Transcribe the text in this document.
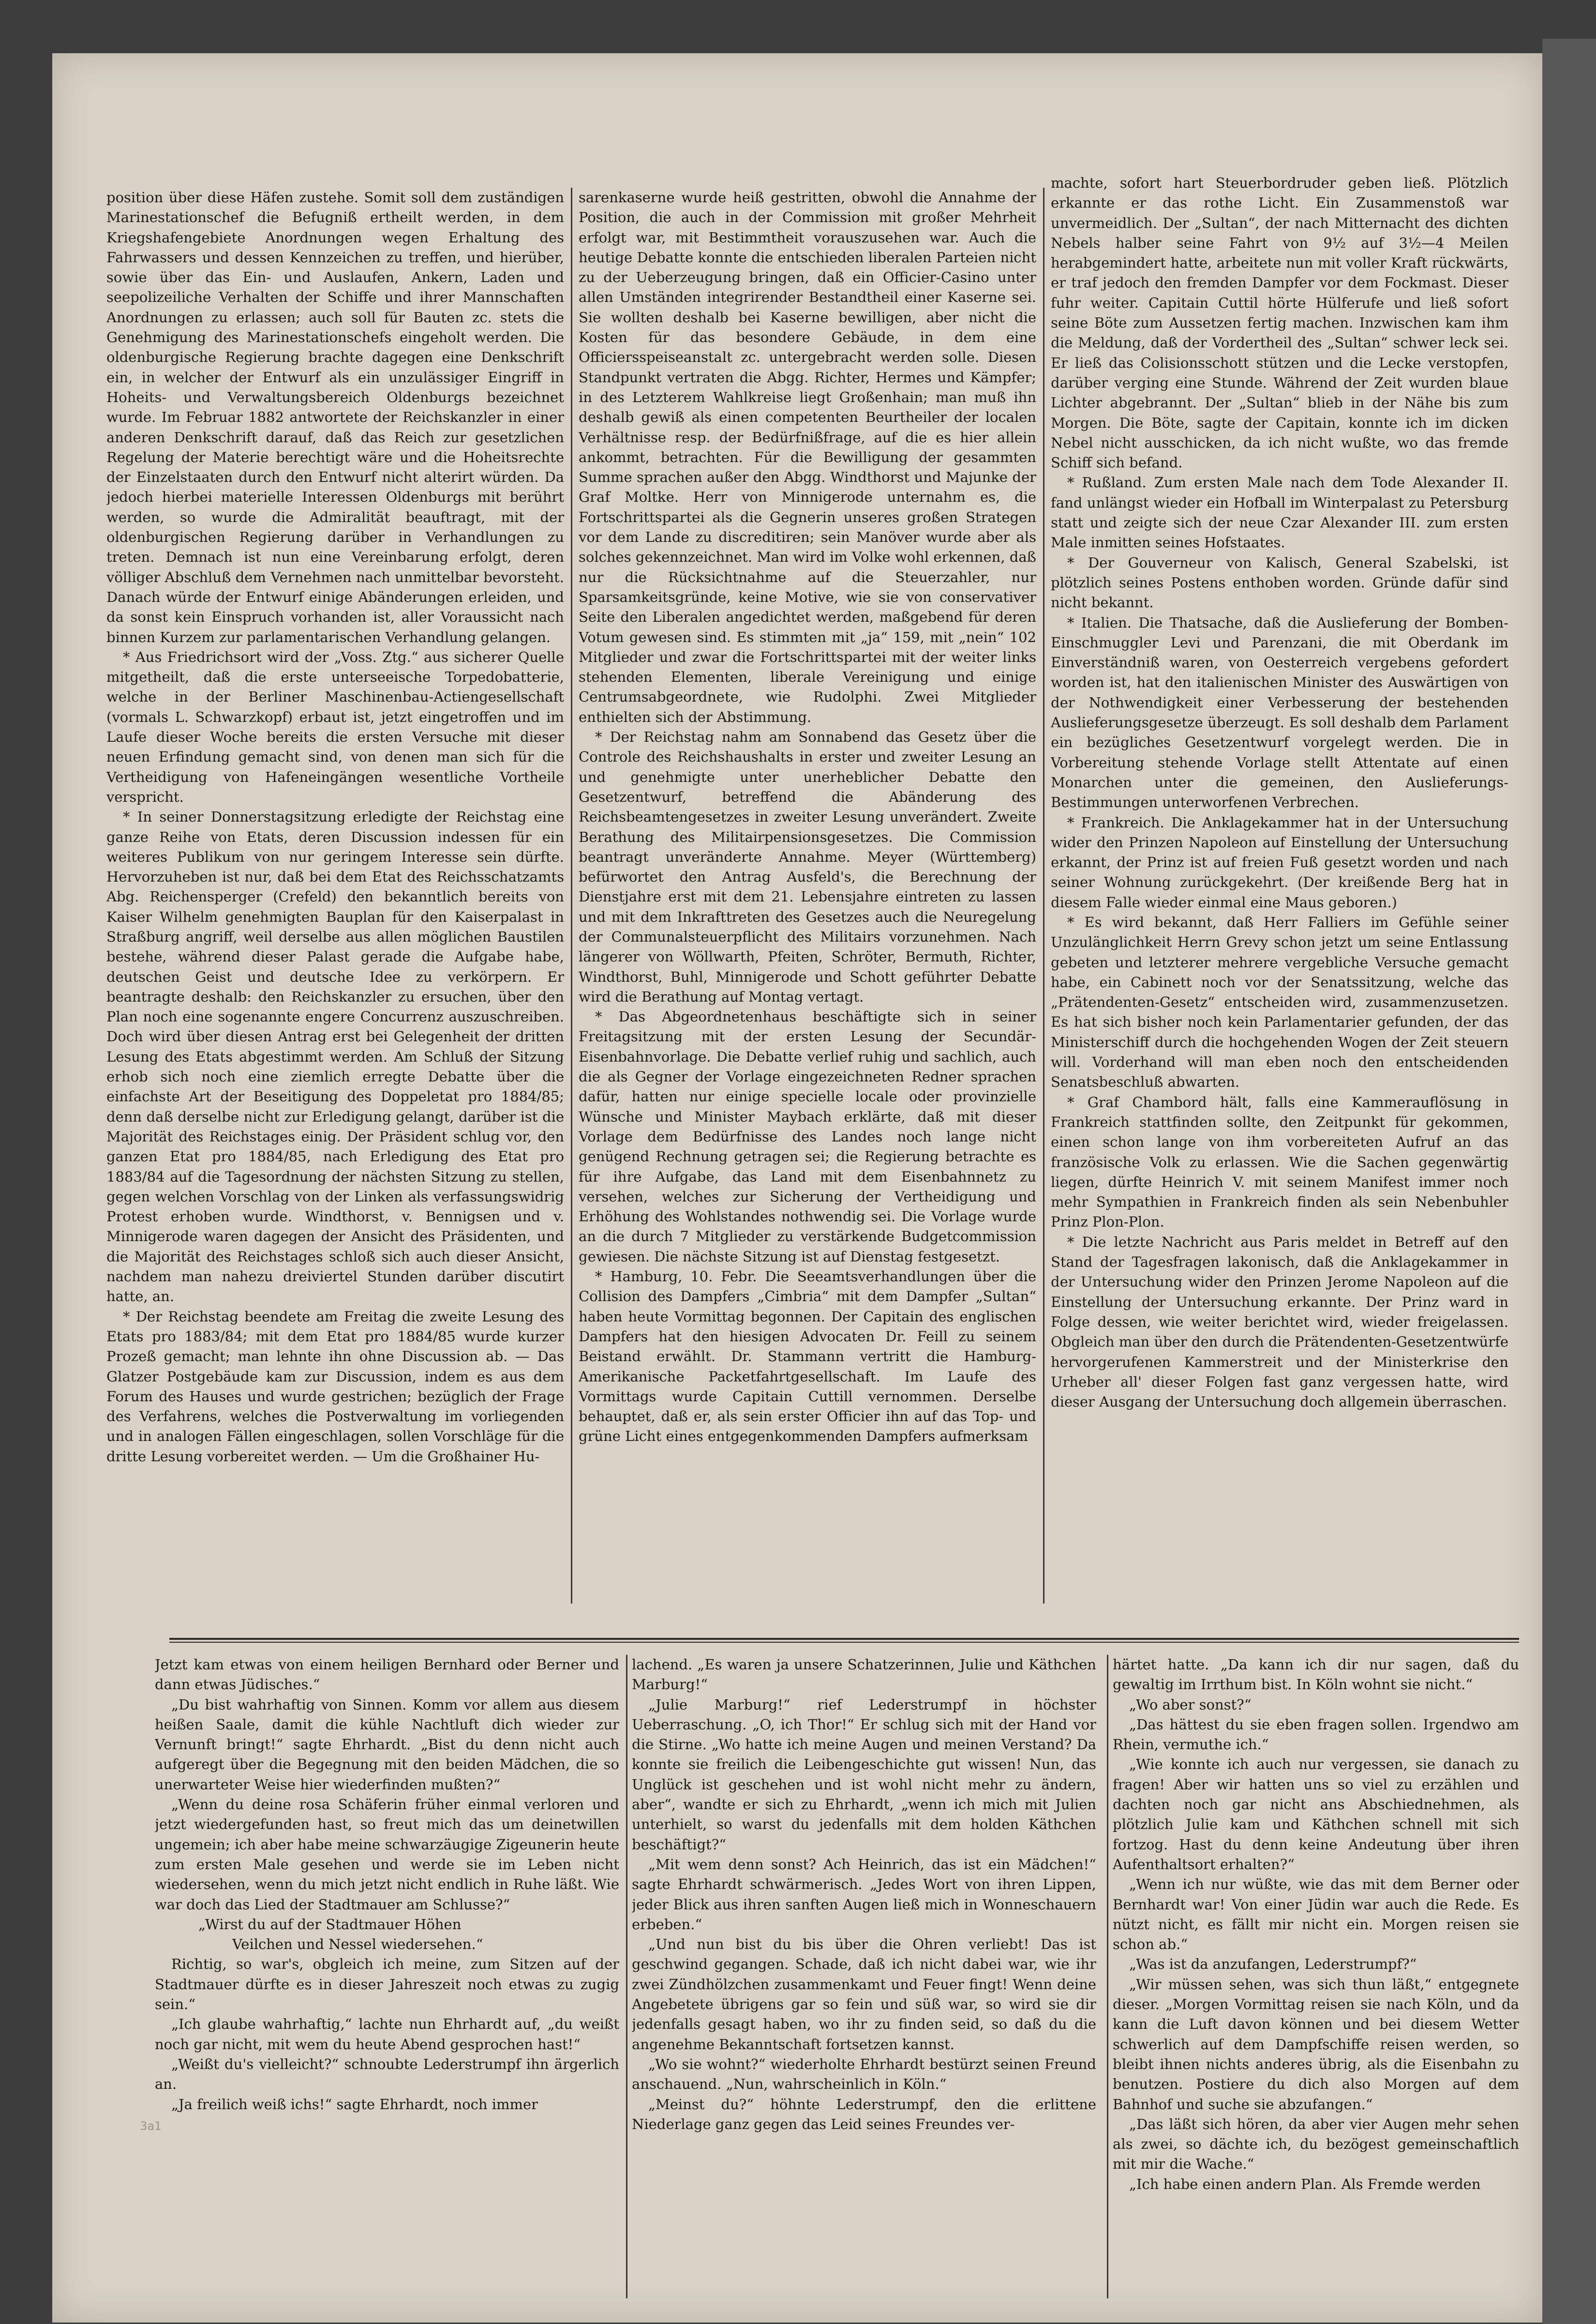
position über diese Häfen zustehe. Somit soll dem zuständigen Marinestationschef die Befugniß ertheilt werden, in dem Kriegshafengebiete Anordnungen wegen Erhaltung des Fahrwassers und dessen Kennzeichen zu treffen, und hierüber, sowie über das Ein- und Auslaufen, Ankern, Laden und seepolizeiliche Verhalten der Schiffe und ihrer Mannschaften Anordnungen zu erlassen; auch soll für Bauten zc. stets die Genehmigung des Marinestationschefs eingeholt werden. Die oldenburgische Regierung brachte dagegen eine Denkschrift ein, in welcher der Entwurf als ein unzulässiger Eingriff in Hoheits- und Verwaltungsbereich Oldenburgs bezeichnet wurde. Im Februar 1882 antwortete der Reichskanzler in einer anderen Denkschrift darauf, daß das Reich zur gesetzlichen Regelung der Materie berechtigt wäre und die Hoheitsrechte der Einzelstaaten durch den Entwurf nicht alterirt würden. Da jedoch hierbei materielle Interessen Oldenburgs mit berührt werden, so wurde die Admiralität beauftragt, mit der oldenburgischen Regierung darüber in Verhandlungen zu treten. Demnach ist nun eine Vereinbarung erfolgt, deren völliger Abschluß dem Vernehmen nach unmittelbar bevorsteht. Danach würde der Entwurf einige Abänderungen erleiden, und da sonst kein Einspruch vorhanden ist, aller Voraussicht nach binnen Kurzem zur parlamentarischen Verhandlung gelangen.

* Aus Friedrichsort wird der „Voss. Ztg.“ aus sicherer Quelle mitgetheilt, daß die erste unterseeische Torpedobatterie, welche in der Berliner Maschinenbau-Actiengesellschaft (vormals L. Schwarzkopf) erbaut ist, jetzt eingetroffen und im Laufe dieser Woche bereits die ersten Versuche mit dieser neuen Erfindung gemacht sind, von denen man sich für die Vertheidigung von Hafeneingängen wesentliche Vortheile verspricht.

* In seiner Donnerstagsitzung erledigte der Reichstag eine ganze Reihe von Etats, deren Discussion indessen für ein weiteres Publikum von nur geringem Interesse sein dürfte. Hervorzuheben ist nur, daß bei dem Etat des Reichsschatzamts Abg. Reichensperger (Crefeld) den bekanntlich bereits von Kaiser Wilhelm genehmigten Bauplan für den Kaiserpalast in Straßburg angriff, weil derselbe aus allen möglichen Baustilen bestehe, während dieser Palast gerade die Aufgabe habe, deutschen Geist und deutsche Idee zu verkörpern. Er beantragte deshalb: den Reichskanzler zu ersuchen, über den Plan noch eine sogenannte engere Concurrenz auszuschreiben. Doch wird über diesen Antrag erst bei Gelegenheit der dritten Lesung des Etats abgestimmt werden. Am Schluß der Sitzung erhob sich noch eine ziemlich erregte Debatte über die einfachste Art der Beseitigung des Doppeletat pro 1884/85; denn daß derselbe nicht zur Erledigung gelangt, darüber ist die Majorität des Reichstages einig. Der Präsident schlug vor, den ganzen Etat pro 1884/85, nach Erledigung des Etat pro 1883/84 auf die Tagesordnung der nächsten Sitzung zu stellen, gegen welchen Vorschlag von der Linken als verfassungswidrig Protest erhoben wurde. Windthorst, v. Bennigsen und v. Minnigerode waren dagegen der Ansicht des Präsidenten, und die Majorität des Reichstages schloß sich auch dieser Ansicht, nachdem man nahezu dreiviertel Stunden darüber discutirt hatte, an.

* Der Reichstag beendete am Freitag die zweite Lesung des Etats pro 1883/84; mit dem Etat pro 1884/85 wurde kurzer Prozeß gemacht; man lehnte ihn ohne Discussion ab. — Das Glatzer Postgebäude kam zur Discussion, indem es aus dem Forum des Hauses und wurde gestrichen; bezüglich der Frage des Verfahrens, welches die Postverwaltung im vorliegenden und in analogen Fällen eingeschlagen, sollen Vorschläge für die dritte Lesung vorbereitet werden. — Um die Großhainer Hu-

sarenkaserne wurde heiß gestritten, obwohl die Annahme der Position, die auch in der Commission mit großer Mehrheit erfolgt war, mit Bestimmtheit vorauszusehen war. Auch die heutige Debatte konnte die entschieden liberalen Parteien nicht zu der Ueberzeugung bringen, daß ein Officier-Casino unter allen Umständen integrirender Bestandtheil einer Kaserne sei. Sie wollten deshalb bei Kaserne bewilligen, aber nicht die Kosten für das besondere Gebäude, in dem eine Officiersspeiseanstalt zc. untergebracht werden solle. Diesen Standpunkt vertraten die Abgg. Richter, Hermes und Kämpfer; in des Letzterem Wahlkreise liegt Großenhain; man muß ihn deshalb gewiß als einen competenten Beurtheiler der localen Verhältnisse resp. der Bedürfnißfrage, auf die es hier allein ankommt, betrachten. Für die Bewilligung der gesammten Summe sprachen außer den Abgg. Windthorst und Majunke der Graf Moltke. Herr von Minnigerode unternahm es, die Fortschrittspartei als die Gegnerin unseres großen Strategen vor dem Lande zu discreditiren; sein Manöver wurde aber als solches gekennzeichnet. Man wird im Volke wohl erkennen, daß nur die Rücksichtnahme auf die Steuerzahler, nur Sparsamkeitsgründe, keine Motive, wie sie von conservativer Seite den Liberalen angedichtet werden, maßgebend für deren Votum gewesen sind. Es stimmten mit „ja“ 159, mit „nein“ 102 Mitglieder und zwar die Fortschrittspartei mit der weiter links stehenden Elementen, liberale Vereinigung und einige Centrumsabgeordnete, wie Rudolphi. Zwei Mitglieder enthielten sich der Abstimmung.

* Der Reichstag nahm am Sonnabend das Gesetz über die Controle des Reichshaushalts in erster und zweiter Lesung an und genehmigte unter unerheblicher Debatte den Gesetzentwurf, betreffend die Abänderung des Reichsbeamtengesetzes in zweiter Lesung unverändert. Zweite Berathung des Militairpensionsgesetzes. Die Commission beantragt unveränderte Annahme. Meyer (Württemberg) befürwortet den Antrag Ausfeld's, die Berechnung der Dienstjahre erst mit dem 21. Lebensjahre eintreten zu lassen und mit dem Inkrafttreten des Gesetzes auch die Neuregelung der Communalsteuerpflicht des Militairs vorzunehmen. Nach längerer von Wöllwarth, Pfeiten, Schröter, Bermuth, Richter, Windthorst, Buhl, Minnigerode und Schott geführter Debatte wird die Berathung auf Montag vertagt.

* Das Abgeordnetenhaus beschäftigte sich in seiner Freitagsitzung mit der ersten Lesung der Secundär-Eisenbahnvorlage. Die Debatte verlief ruhig und sachlich, auch die als Gegner der Vorlage eingezeichneten Redner sprachen dafür, hatten nur einige specielle locale oder provinzielle Wünsche und Minister Maybach erklärte, daß mit dieser Vorlage dem Bedürfnisse des Landes noch lange nicht genügend Rechnung getragen sei; die Regierung betrachte es für ihre Aufgabe, das Land mit dem Eisenbahnnetz zu versehen, welches zur Sicherung der Vertheidigung und Erhöhung des Wohlstandes nothwendig sei. Die Vorlage wurde an die durch 7 Mitglieder zu verstärkende Budgetcommission gewiesen. Die nächste Sitzung ist auf Dienstag festgesetzt.

* Hamburg, 10. Febr. Die Seeamtsverhandlungen über die Collision des Dampfers „Cimbria“ mit dem Dampfer „Sultan“ haben heute Vormittag begonnen. Der Capitain des englischen Dampfers hat den hiesigen Advocaten Dr. Feill zu seinem Beistand erwählt. Dr. Stammann vertritt die Hamburg-Amerikanische Packetfahrtgesellschaft. Im Laufe des Vormittags wurde Capitain Cuttill vernommen. Derselbe behauptet, daß er, als sein erster Officier ihn auf das Top- und grüne Licht eines entgegenkommenden Dampfers aufmerksam

machte, sofort hart Steuerbordruder geben ließ. Plötzlich erkannte er das rothe Licht. Ein Zusammenstoß war unvermeidlich. Der „Sultan“, der nach Mitternacht des dichten Nebels halber seine Fahrt von 9½ auf 3½—4 Meilen herabgemindert hatte, arbeitete nun mit voller Kraft rückwärts, er traf jedoch den fremden Dampfer vor dem Fockmast. Dieser fuhr weiter. Capitain Cuttil hörte Hülferufe und ließ sofort seine Böte zum Aussetzen fertig machen. Inzwischen kam ihm die Meldung, daß der Vordertheil des „Sultan“ schwer leck sei. Er ließ das Colisionsschott stützen und die Lecke verstopfen, darüber verging eine Stunde. Während der Zeit wurden blaue Lichter abgebrannt. Der „Sultan“ blieb in der Nähe bis zum Morgen. Die Böte, sagte der Capitain, konnte ich im dicken Nebel nicht ausschicken, da ich nicht wußte, wo das fremde Schiff sich befand.

* Rußland. Zum ersten Male nach dem Tode Alexander II. fand unlängst wieder ein Hofball im Winterpalast zu Petersburg statt und zeigte sich der neue Czar Alexander III. zum ersten Male inmitten seines Hofstaates.

* Der Gouverneur von Kalisch, General Szabelski, ist plötzlich seines Postens enthoben worden. Gründe dafür sind nicht bekannt.

* Italien. Die Thatsache, daß die Auslieferung der Bomben-Einschmuggler Levi und Parenzani, die mit Oberdank im Einverständniß waren, von Oesterreich vergebens gefordert worden ist, hat den italienischen Minister des Auswärtigen von der Nothwendigkeit einer Verbesserung der bestehenden Auslieferungsgesetze überzeugt. Es soll deshalb dem Parlament ein bezügliches Gesetzentwurf vorgelegt werden. Die in Vorbereitung stehende Vorlage stellt Attentate auf einen Monarchen unter die gemeinen, den Auslieferungs-Bestimmungen unterworfenen Verbrechen.

* Frankreich. Die Anklagekammer hat in der Untersuchung wider den Prinzen Napoleon auf Einstellung der Untersuchung erkannt, der Prinz ist auf freien Fuß gesetzt worden und nach seiner Wohnung zurückgekehrt. (Der kreißende Berg hat in diesem Falle wieder einmal eine Maus geboren.)

* Es wird bekannt, daß Herr Falliers im Gefühle seiner Unzulänglichkeit Herrn Grevy schon jetzt um seine Entlassung gebeten und letzterer mehrere vergebliche Versuche gemacht habe, ein Cabinett noch vor der Senatssitzung, welche das „Prätendenten-Gesetz“ entscheiden wird, zusammenzusetzen. Es hat sich bisher noch kein Parlamentarier gefunden, der das Ministerschiff durch die hochgehenden Wogen der Zeit steuern will. Vorderhand will man eben noch den entscheidenden Senatsbeschluß abwarten.

* Graf Chambord hält, falls eine Kammerauflösung in Frankreich stattfinden sollte, den Zeitpunkt für gekommen, einen schon lange von ihm vorbereiteten Aufruf an das französische Volk zu erlassen. Wie die Sachen gegenwärtig liegen, dürfte Heinrich V. mit seinem Manifest immer noch mehr Sympathien in Frankreich finden als sein Nebenbuhler Prinz Plon-Plon.

* Die letzte Nachricht aus Paris meldet in Betreff auf den Stand der Tagesfragen lakonisch, daß die Anklagekammer in der Untersuchung wider den Prinzen Jerome Napoleon auf die Einstellung der Untersuchung erkannte. Der Prinz ward in Folge dessen, wie weiter berichtet wird, wieder freigelassen. Obgleich man über den durch die Prätendenten-Gesetzentwürfe hervorgerufenen Kammerstreit und der Ministerkrise den Urheber all' dieser Folgen fast ganz vergessen hatte, wird dieser Ausgang der Untersuchung doch allgemein überraschen.

Jetzt kam etwas von einem heiligen Bernhard oder Berner und dann etwas Jüdisches.“

„Du bist wahrhaftig von Sinnen. Komm vor allem aus diesem heißen Saale, damit die kühle Nachtluft dich wieder zur Vernunft bringt!“ sagte Ehrhardt. „Bist du denn nicht auch aufgeregt über die Begegnung mit den beiden Mädchen, die so unerwarteter Weise hier wiederfinden mußten?“

„Wenn du deine rosa Schäferin früher einmal verloren und jetzt wiedergefunden hast, so freut mich das um deinetwillen ungemein; ich aber habe meine schwarzäugige Zigeunerin heute zum ersten Male gesehen und werde sie im Leben nicht wiedersehen, wenn du mich jetzt nicht endlich in Ruhe läßt. Wie war doch das Lied der Stadtmauer am Schlusse?“

„Wirst du auf der Stadtmauer Höhen

Veilchen und Nessel wiedersehen.“

Richtig, so war's, obgleich ich meine, zum Sitzen auf der Stadtmauer dürfte es in dieser Jahreszeit noch etwas zu zugig sein.“

„Ich glaube wahrhaftig,“ lachte nun Ehrhardt auf, „du weißt noch gar nicht, mit wem du heute Abend gesprochen hast!“

„Weißt du's vielleicht?“ schnoubte Lederstrumpf ihn ärgerlich an.

„Ja freilich weiß ichs!“ sagte Ehrhardt, noch immer

lachend. „Es waren ja unsere Schatzerinnen, Julie und Käthchen Marburg!“

„Julie Marburg!“ rief Lederstrumpf in höchster Ueberraschung. „O, ich Thor!“ Er schlug sich mit der Hand vor die Stirne. „Wo hatte ich meine Augen und meinen Verstand? Da konnte sie freilich die Leibengeschichte gut wissen! Nun, das Unglück ist geschehen und ist wohl nicht mehr zu ändern, aber“, wandte er sich zu Ehrhardt, „wenn ich mich mit Julien unterhielt, so warst du jedenfalls mit dem holden Käthchen beschäftigt?“

„Mit wem denn sonst? Ach Heinrich, das ist ein Mädchen!“ sagte Ehrhardt schwärmerisch. „Jedes Wort von ihren Lippen, jeder Blick aus ihren sanften Augen ließ mich in Wonneschauern erbeben.“

„Und nun bist du bis über die Ohren verliebt! Das ist geschwind gegangen. Schade, daß ich nicht dabei war, wie ihr zwei Zündhölzchen zusammenkamt und Feuer fingt! Wenn deine Angebetete übrigens gar so fein und süß war, so wird sie dir jedenfalls gesagt haben, wo ihr zu finden seid, so daß du die angenehme Bekanntschaft fortsetzen kannst.

„Wo sie wohnt?“ wiederholte Ehrhardt bestürzt seinen Freund anschauend. „Nun, wahrscheinlich in Köln.“

„Meinst du?“ höhnte Lederstrumpf, den die erlittene Niederlage ganz gegen das Leid seines Freundes ver-

härtet hatte. „Da kann ich dir nur sagen, daß du gewaltig im Irrthum bist. In Köln wohnt sie nicht.“

„Wo aber sonst?“

„Das hättest du sie eben fragen sollen. Irgendwo am Rhein, vermuthe ich.“

„Wie konnte ich auch nur vergessen, sie danach zu fragen! Aber wir hatten uns so viel zu erzählen und dachten noch gar nicht ans Abschiednehmen, als plötzlich Julie kam und Käthchen schnell mit sich fortzog. Hast du denn keine Andeutung über ihren Aufenthaltsort erhalten?“

„Wenn ich nur wüßte, wie das mit dem Berner oder Bernhardt war! Von einer Jüdin war auch die Rede. Es nützt nicht, es fällt mir nicht ein. Morgen reisen sie schon ab.“

„Was ist da anzufangen, Lederstrumpf?“

„Wir müssen sehen, was sich thun läßt,“ entgegnete dieser. „Morgen Vormittag reisen sie nach Köln, und da kann die Luft davon können und bei diesem Wetter schwerlich auf dem Dampfschiffe reisen werden, so bleibt ihnen nichts anderes übrig, als die Eisenbahn zu benutzen. Postiere du dich also Morgen auf dem Bahnhof und suche sie abzufangen.“

„Das läßt sich hören, da aber vier Augen mehr sehen als zwei, so dächte ich, du bezögest gemeinschaftlich mit mir die Wache.“

„Ich habe einen andern Plan. Als Fremde werden

3a1
